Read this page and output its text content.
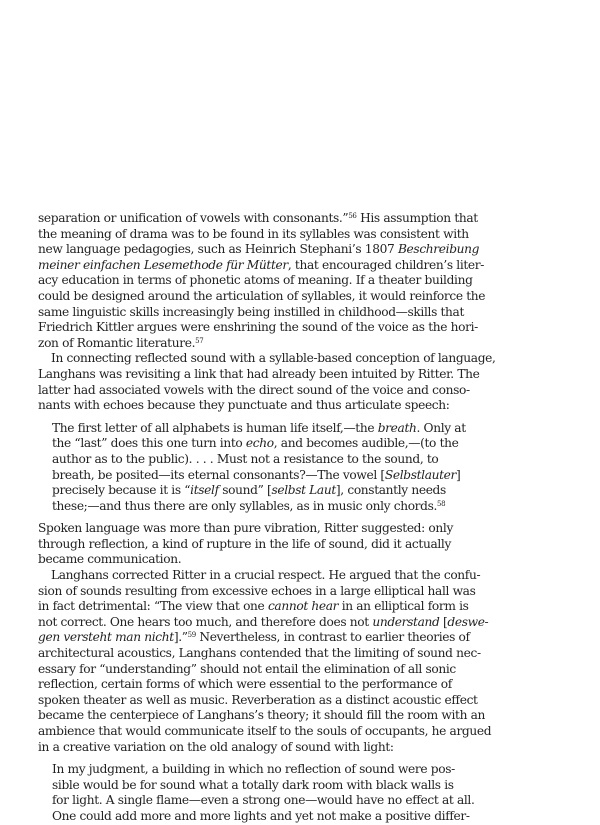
separation or unification of vowels with consonants.”$^{56}$ His assumption that
the meaning of drama was to be found in its syllables was consistent with
new language pedagogies, such as Heinrich Stephani’s 1807 Beschreibung
meiner einfachen Lesemethode für Mütter, that encouraged children’s liter-
acy education in terms of phonetic atoms of meaning. If a theater building
could be designed around the articulation of syllables, it would reinforce the
same linguistic skills increasingly being instilled in childhood—skills that
Friedrich Kittler argues were enshrining the sound of the voice as the hori-
zon of Romantic literature.$^{57}$
In connecting reflected sound with a syllable-based conception of language,
Langhans was revisiting a link that had already been intuited by Ritter. The
latter had associated vowels with the direct sound of the voice and conso-
nants with echoes because they punctuate and thus articulate speech:
The first letter of all alphabets is human life itself,—the breath. Only at
the “last” does this one turn into echo, and becomes audible,—(to the
author as to the public). . . . Must not a resistance to the sound, to
breath, be posited—its eternal consonants?—The vowel [Selbstlauter]
precisely because it is “itself sound” [selbst Laut], constantly needs
these;—and thus there are only syllables, as in music only chords.$^{58}$
Spoken language was more than pure vibration, Ritter suggested: only
through reflection, a kind of rupture in the life of sound, did it actually
became communication.
Langhans corrected Ritter in a crucial respect. He argued that the confu-
sion of sounds resulting from excessive echoes in a large elliptical hall was
in fact detrimental: “The view that one cannot hear in an elliptical form is
not correct. One hears too much, and therefore does not understand [deswe-
gen versteht man nicht].”$^{59}$ Nevertheless, in contrast to earlier theories of
architectural acoustics, Langhans contended that the limiting of sound nec-
essary for “understanding” should not entail the elimination of all sonic
reflection, certain forms of which were essential to the performance of
spoken theater as well as music. Reverberation as a distinct acoustic effect
became the centerpiece of Langhans’s theory; it should fill the room with an
ambience that would communicate itself to the souls of occupants, he argued
in a creative variation on the old analogy of sound with light:
In my judgment, a building in which no reflection of sound were pos-
sible would be for sound what a totally dark room with black walls is
for light. A single flame—even a strong one—would have no effect at all.
One could add more and more lights and yet not make a positive differ-
